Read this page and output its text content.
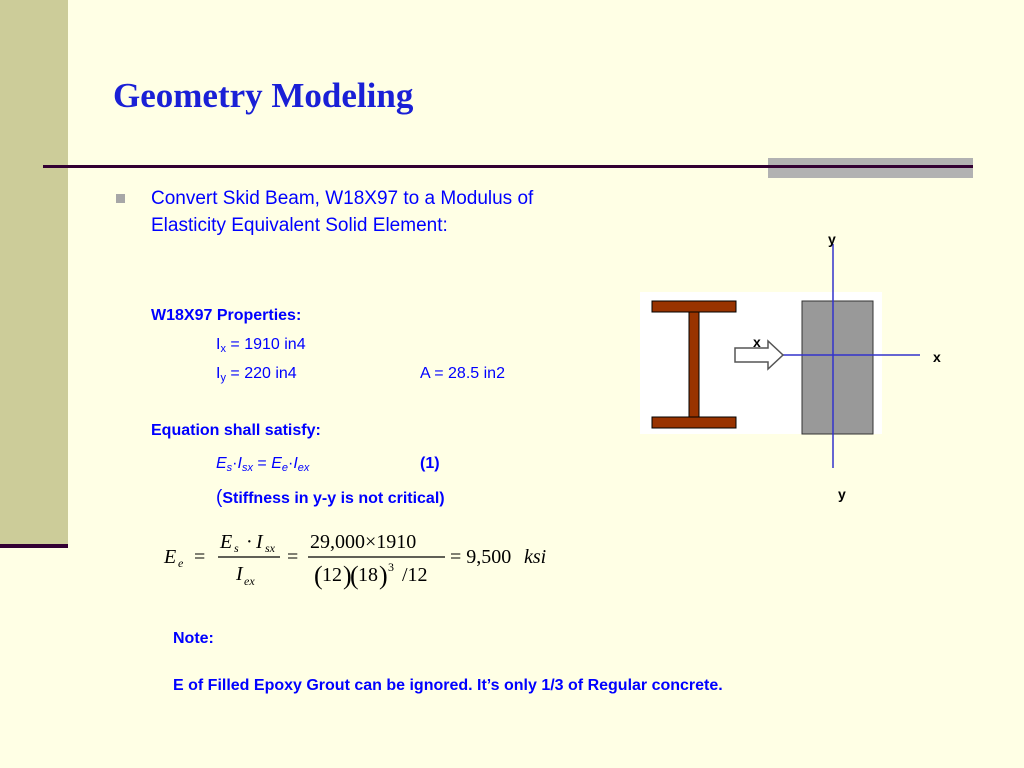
Geometry Modeling
Convert Skid Beam, W18X97 to a Modulus of Elasticity Equivalent Solid Element:
W18X97 Properties:
$I_x = 1910$ in4
$I_y = 220$ in4	A = 28.5 in2
Equation shall satisfy:
$E_s\cdot I_{sx} = E_e\cdot I_{ex}$	(1)
(Stiffness in y-y is not critical)
y
y
x
x
E e =
E s · I sx
I ex
=
29,000×1910
( 12 )
( 18 ) 3 /12
= 9,500 ksi
Note:
E of Filled Epoxy Grout can be ignored. It’s only 1/3 of Regular concrete.
